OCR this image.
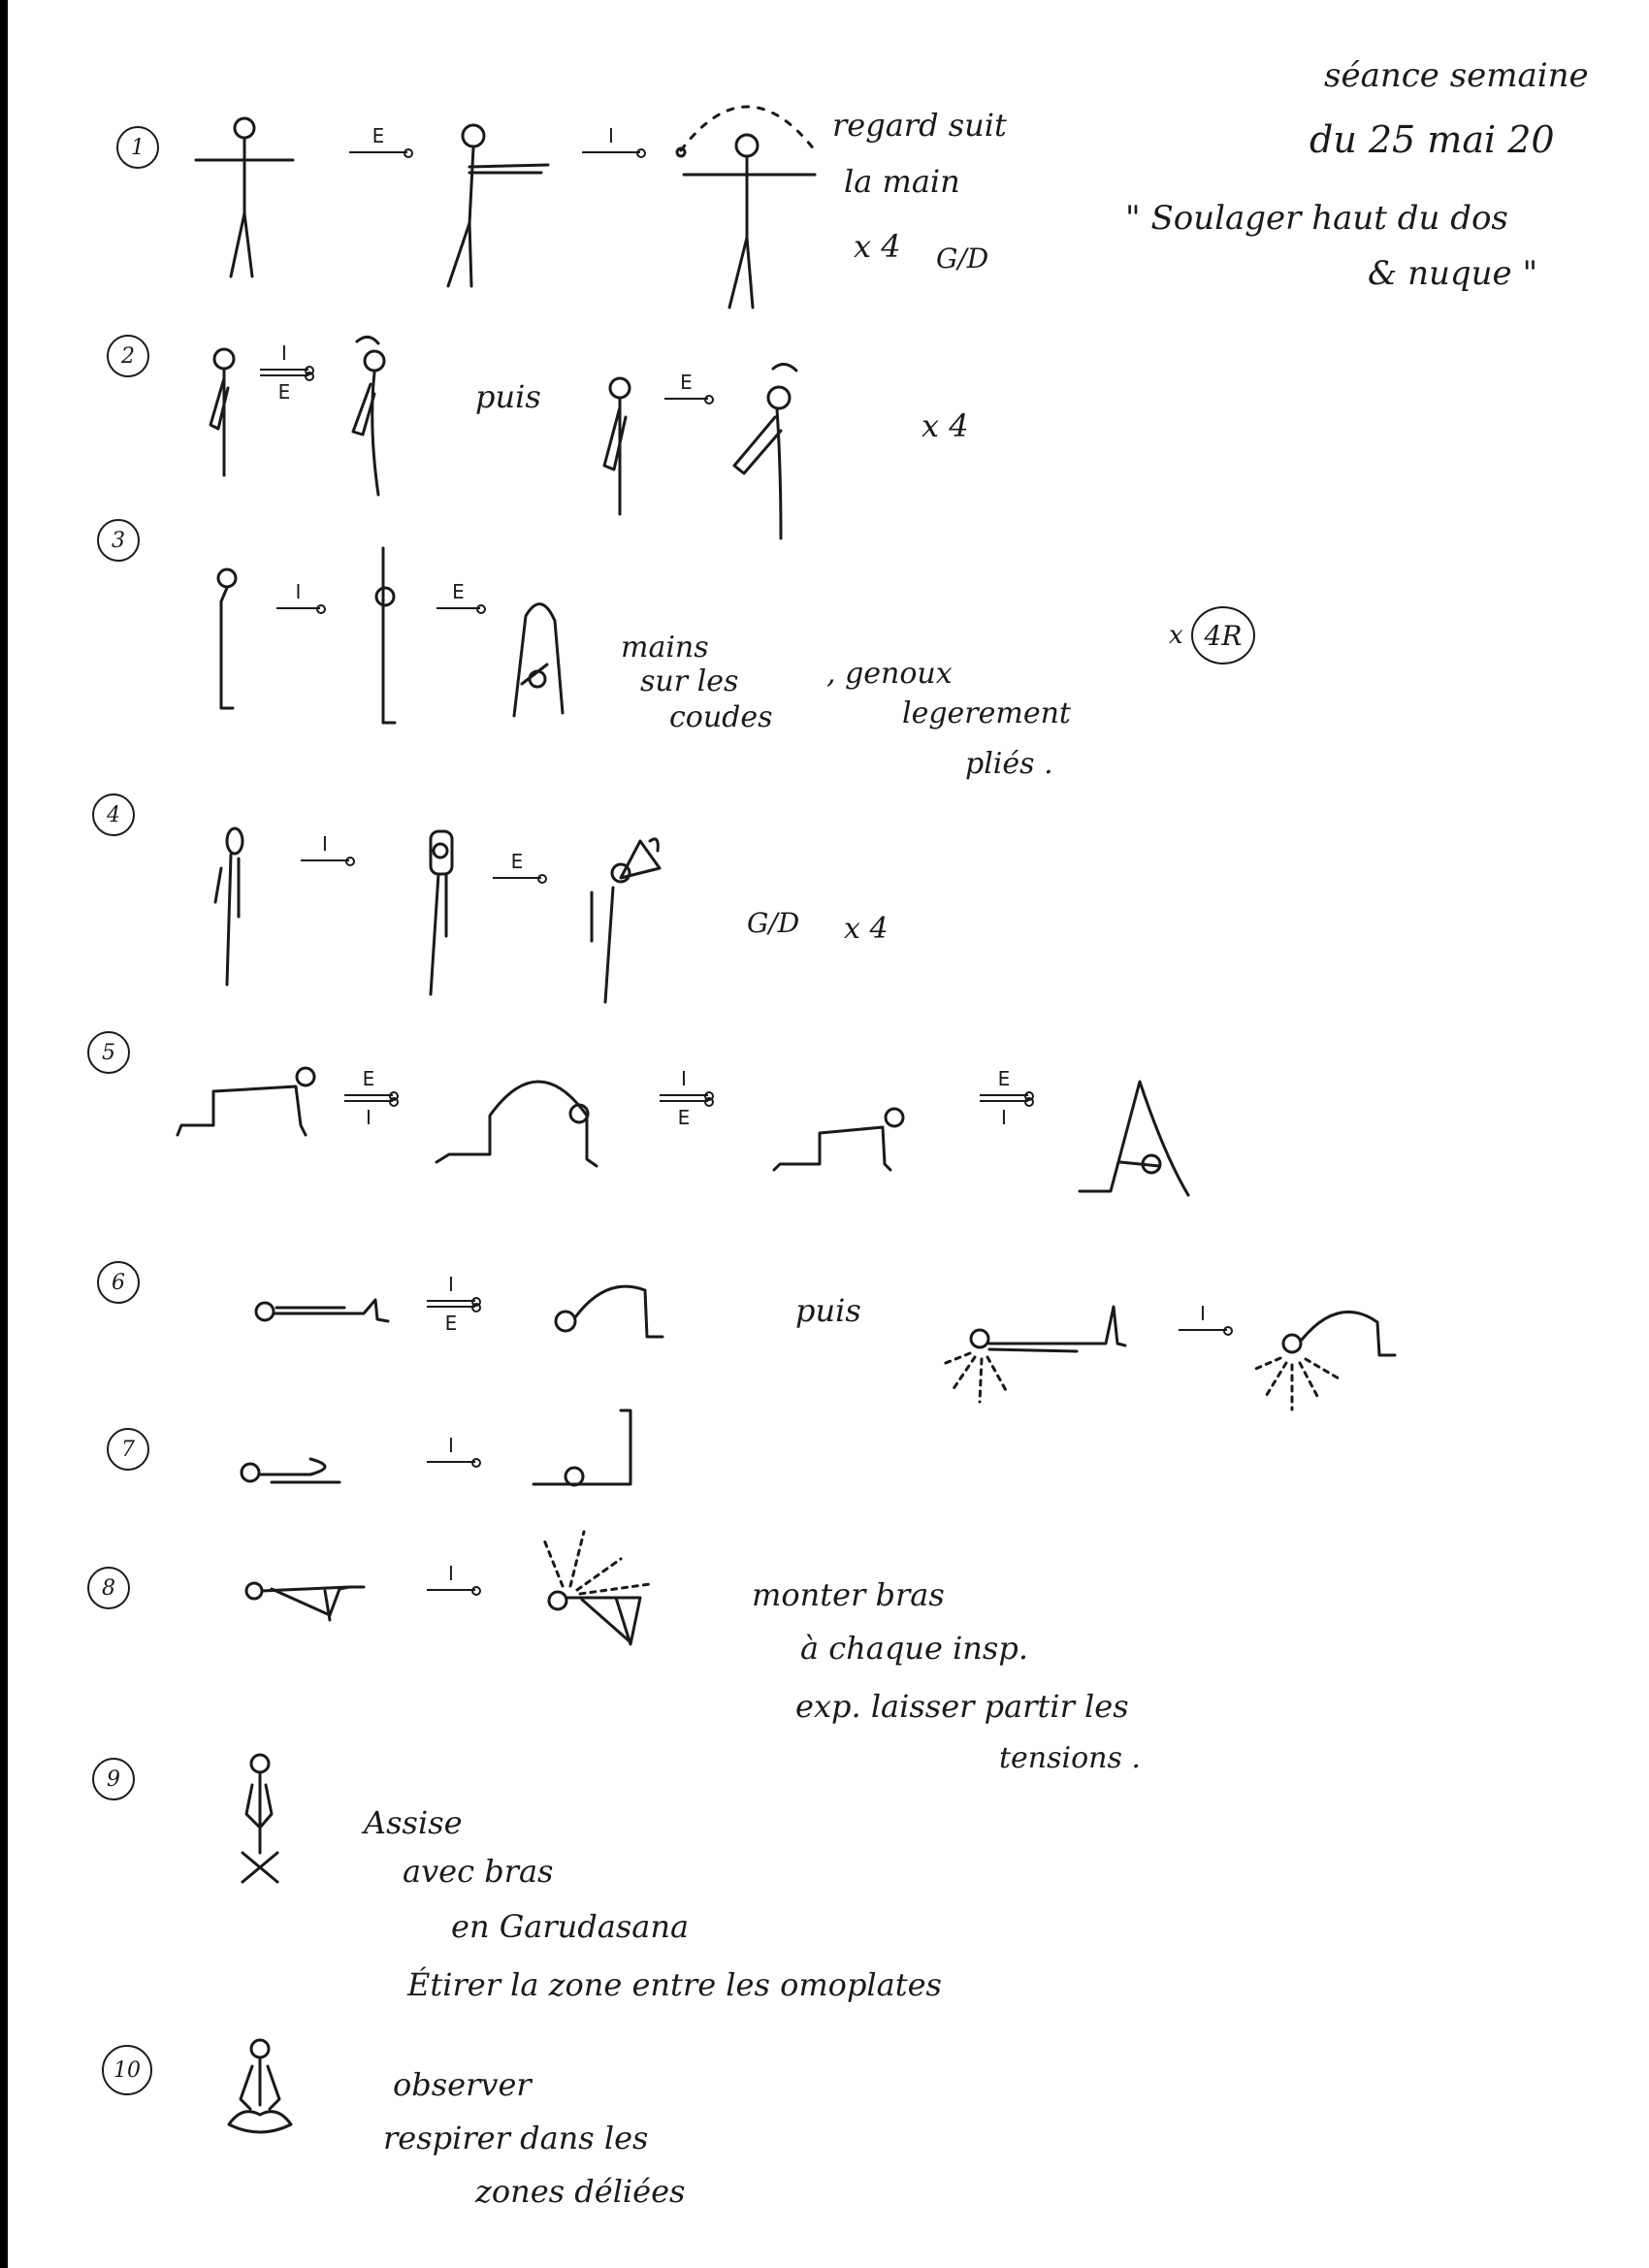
séance semaine
du 25 mai 20
" Soulager haut du dos
& nuque "
1	E	I	regard suit
la main
x 4 G/D
2	I
E	puis	E
x 4
3
I	E
mains
sur les
coudes
, genoux
legerement
pliés .
x 4R
4
I
E
G/D x 4
5
E
I
I
E
E
I
6	I
E	puis	I
7	I
8
I
monter bras
à chaque insp.
exp. laisser partir les
tensions .
9
Assise
avec bras
en Garudasana
Étirer la zone entre les omoplates
10	observer
respirer dans les
zones déliées
